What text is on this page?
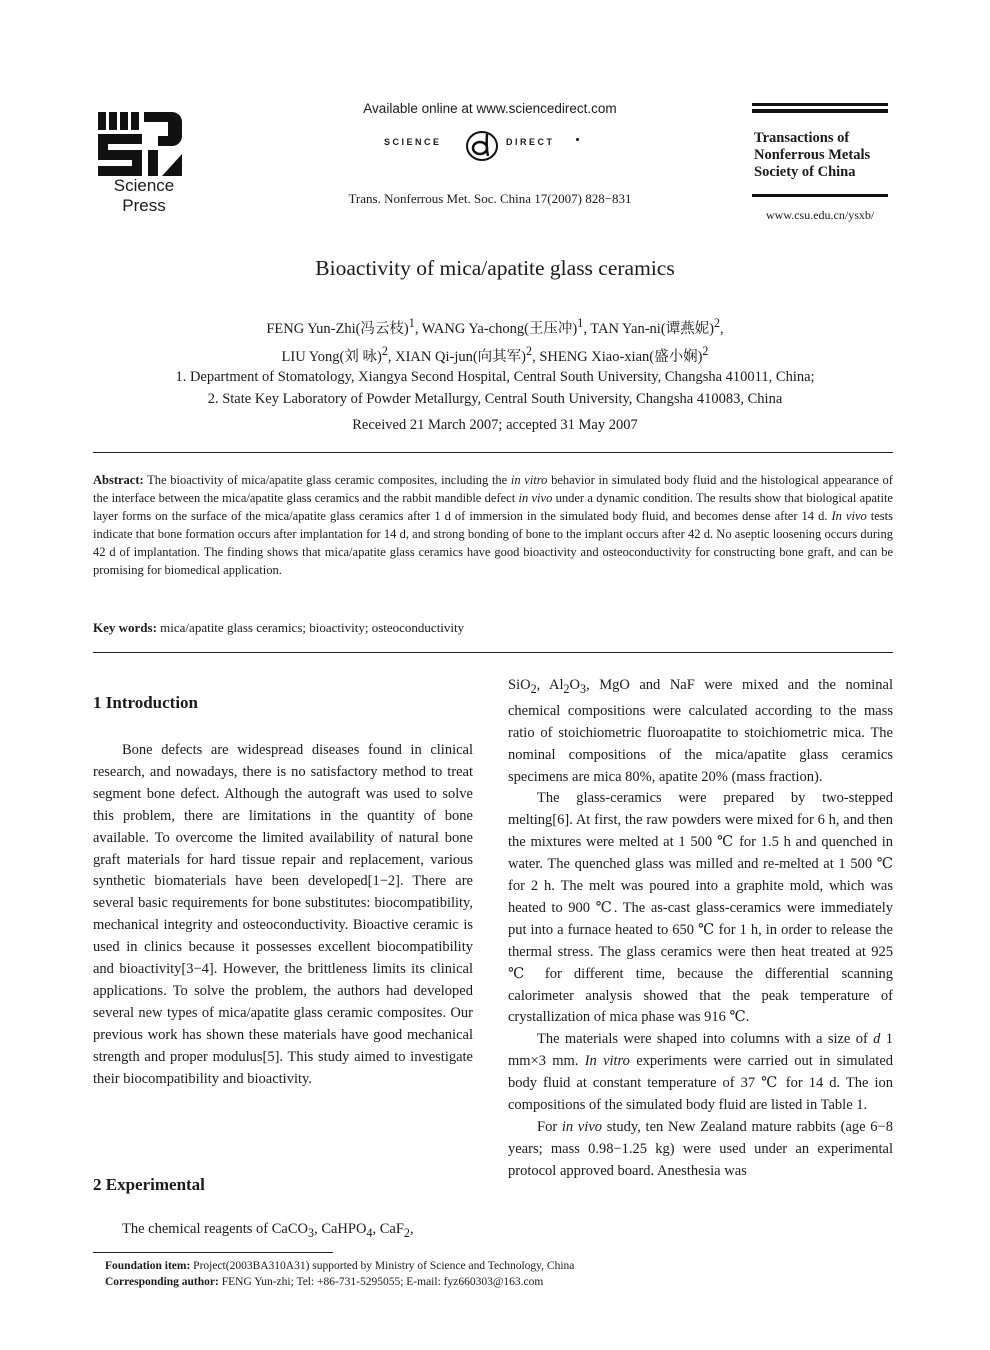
Science
Press
Available online at www.sciencedirect.com
SCIENCE	DIRECT
Trans. Nonferrous Met. Soc. China 17(2007) 828−831
Transactions of
Nonferrous Metals
Society of China
www.csu.edu.cn/ysxb/
Bioactivity of mica/apatite glass ceramics
FENG Yun-Zhi(冯云枝)$^1$, WANG Ya-chong(王压冲)$^1$, TAN Yan-ni(谭燕妮)$^2$,
LIU Yong(刘 咏)$^2$, XIAN Qi-jun(向其军)$^2$, SHENG Xiao-xian(盛小娴)$^2$
1. Department of Stomatology, Xiangya Second Hospital, Central South University, Changsha 410011, China;
2. State Key Laboratory of Powder Metallurgy, Central South University, Changsha 410083, China
Received 21 March 2007; accepted 31 May 2007
Abstract: The bioactivity of mica/apatite glass ceramic composites, including the in vitro behavior in simulated body fluid and the histological appearance of the interface between the mica/apatite glass ceramics and the rabbit mandible defect in vivo under a dynamic condition. The results show that biological apatite layer forms on the surface of the mica/apatite glass ceramics after 1 d of immersion in the simulated body fluid, and becomes dense after 14 d. In vivo tests indicate that bone formation occurs after implantation for 14 d, and strong bonding of bone to the implant occurs after 42 d. No aseptic loosening occurs during 42 d of implantation. The finding shows that mica/apatite glass ceramics have good bioactivity and osteoconductivity for constructing bone graft, and can be promising for biomedical application.
Key words: mica/apatite glass ceramics; bioactivity; osteoconductivity
1 Introduction

Bone defects are widespread diseases found in clinical research, and nowadays, there is no satisfactory method to treat segment bone defect. Although the autograft was used to solve this problem, there are limitations in the quantity of bone available. To overcome the limited availability of natural bone graft materials for hard tissue repair and replacement, various synthetic biomaterials have been developed[1−2]. There are several basic requirements for bone substitutes: biocompatibility, mechanical integrity and osteoconductivity. Bioactive ceramic is used in clinics because it possesses excellent biocompatibility and bioactivity[3−4]. However, the brittleness limits its clinical applications. To solve the problem, the authors had developed several new types of mica/apatite glass ceramic composites. Our previous work has shown these materials have good mechanical strength and proper modulus[5]. This study aimed to investigate their biocompatibility and bioactivity.

2 Experimental

The chemical reagents of CaCO$_3$, CaHPO$_4$, CaF$_2$,

SiO$_2$, $Al_2O_3$, MgO and NaF were mixed and the nominal chemical compositions were calculated according to the mass ratio of stoichiometric fluoroapatite to stoichiometric mica. The nominal compositions of the mica/apatite glass ceramics specimens are mica 80%, apatite 20% (mass fraction).

The glass-ceramics were prepared by two-stepped melting[6]. At first, the raw powders were mixed for 6 h, and then the mixtures were melted at 1 500 ℃ for 1.5 h and quenched in water. The quenched glass was milled and re-melted at 1 500 ℃ for 2 h. The melt was poured into a graphite mold, which was heated to 900 ℃. The as-cast glass-ceramics were immediately put into a furnace heated to 650 ℃ for 1 h, in order to release the thermal stress. The glass ceramics were then heat treated at 925 ℃ for different time, because the differential scanning calorimeter analysis showed that the peak temperature of crystallization of mica phase was 916 ℃.

The materials were shaped into columns with a size of d 1 mm×3 mm. In vitro experiments were carried out in simulated body fluid at constant temperature of 37 ℃ for 14 d. The ion compositions of the simulated body fluid are listed in Table 1.

For in vivo study, ten New Zealand mature rabbits (age 6−8 years; mass 0.98−1.25 kg) were used under an experimental protocol approved board. Anesthesia was

Foundation item: Project(2003BA310A31) supported by Ministry of Science and Technology, China
Corresponding author: FENG Yun-zhi; Tel: +86-731-5295055; E-mail: fyz660303@163.com
